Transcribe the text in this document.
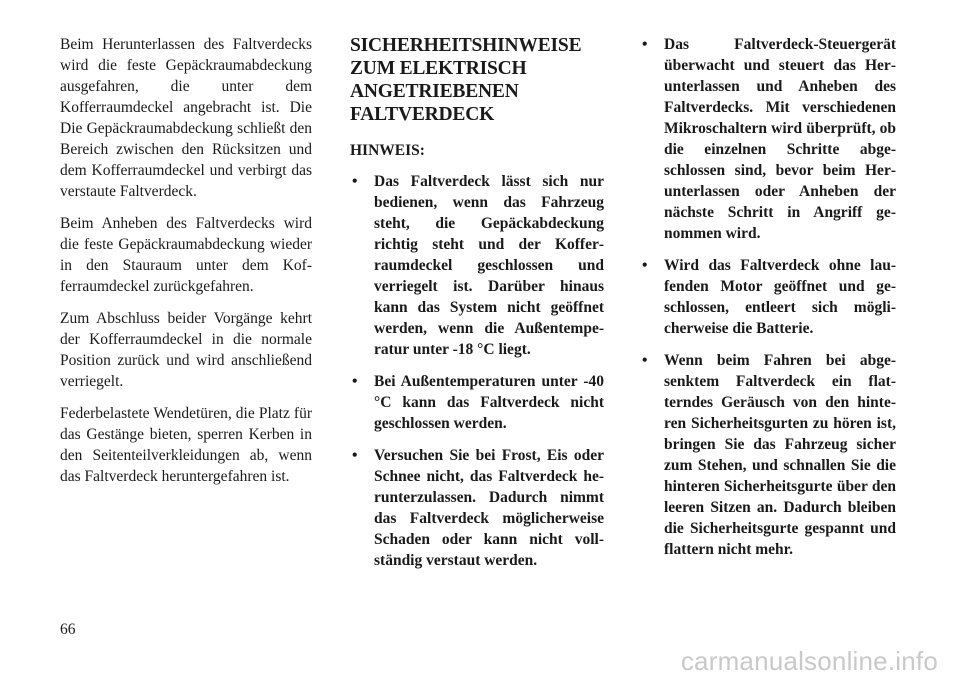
Beim Herunterlassen des Faltverdecks wird die feste Gepäckraumabdeckung ausgefahren, die unter dem Kofferraumdeckel angebracht ist. Die Die Gepäckraumabdeckung schließt den Bereich zwischen den Rücksitzen und dem Kofferraumdeckel und verbirgt das verstaute Faltverdeck.

Beim Anheben des Faltverdecks wird die feste Gepäckraumabdeckung wieder in den Stauraum unter dem Kofferraumdeckel zurückgefahren.

Zum Abschluss beider Vorgänge kehrt der Kofferraumdeckel in die normale Position zurück und wird anschließend verriegelt.

Federbelastete Wendetüren, die Platz für das Gestänge bieten, sperren Kerben in den Seitenteilverkleidungen ab, wenn das Faltverdeck heruntergefahren ist.

SICHERHEITSHINWEISE ZUM ELEKTRISCH ANGETRIEBENEN FALTVERDECK
HINWEIS:
• Das Faltverdeck lässt sich nur bedienen, wenn das Fahrzeug steht, die Gepäckabdeckung richtig steht und der Kofferraumdeckel geschlossen und verriegelt ist. Darüber hinaus kann das System nicht geöffnet werden, wenn die Außentemperatur unter -18 °C liegt.
• Bei Außentemperaturen unter -40 °C kann das Faltverdeck nicht geschlossen werden.
• Versuchen Sie bei Frost, Eis oder Schnee nicht, das Faltverdeck herunterzulassen. Dadurch nimmt das Faltverdeck möglicherweise Schaden oder kann nicht vollständig verstaut werden.
• Das Faltverdeck-Steuergerät überwacht und steuert das Herunterlassen und Anheben des Faltverdecks. Mit verschiedenen Mikroschaltern wird überprüft, ob die einzelnen Schritte abgeschlossen sind, bevor beim Herunterlassen oder Anheben der nächste Schritt in Angriff genommen wird.
• Wird das Faltverdeck ohne laufenden Motor geöffnet und geschlossen, entleert sich möglicherweise die Batterie.
• Wenn beim Fahren bei abgesenktem Faltverdeck ein flatterndes Geräusch von den hinteren Sicherheitsgurten zu hören ist, bringen Sie das Fahrzeug sicher zum Stehen, und schnallen Sie die hinteren Sicherheitsgurte über den leeren Sitzen an. Dadurch bleiben die Sicherheitsgurte gespannt und flattern nicht mehr.
66
carmanualsonline.info
